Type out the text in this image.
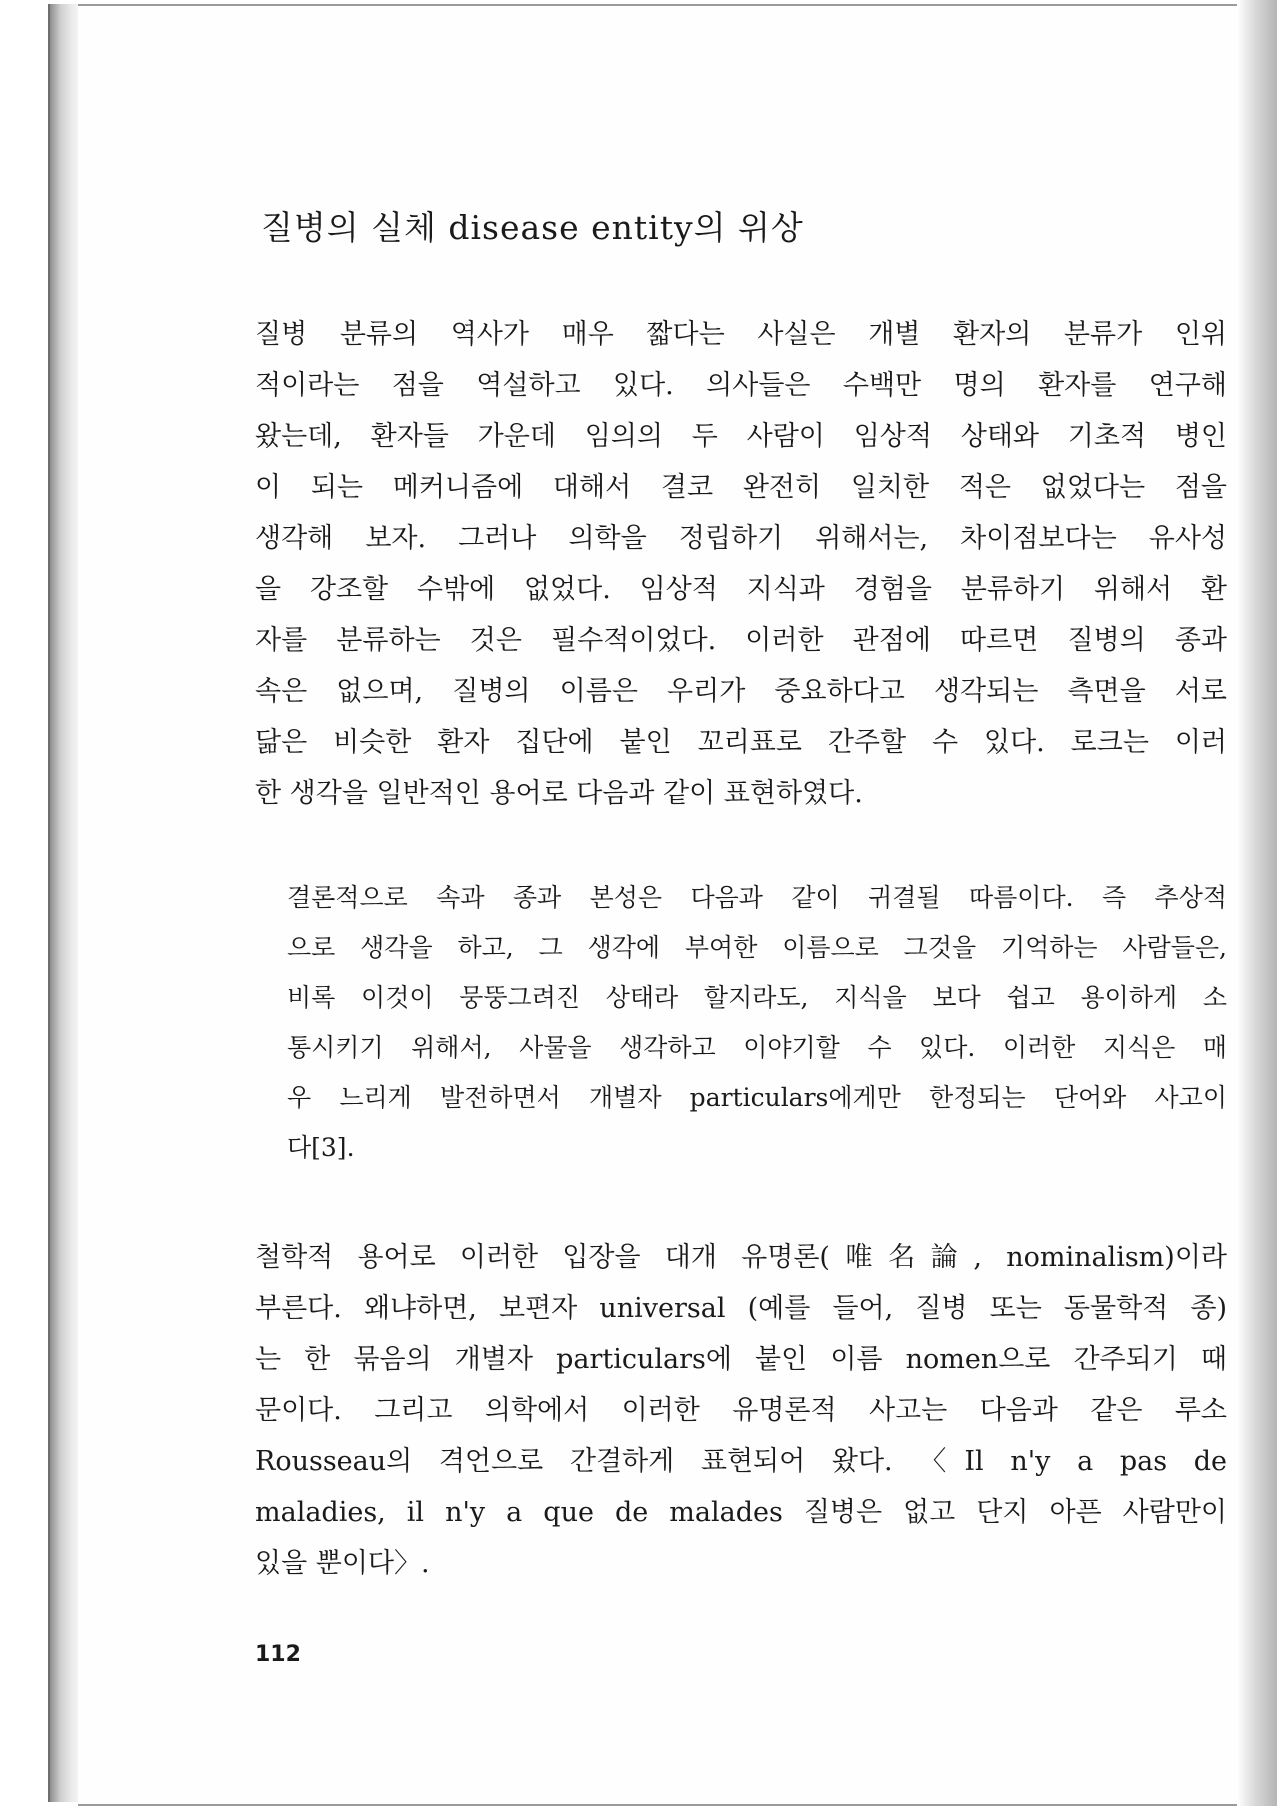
질병의 실체 disease entity의 위상
질병 분류의 역사가 매우 짧다는 사실은 개별 환자의 분류가 인위
적이라는 점을 역설하고 있다. 의사들은 수백만 명의 환자를 연구해
왔는데, 환자들 가운데 임의의 두 사람이 임상적 상태와 기초적 병인
이 되는 메커니즘에 대해서 결코 완전히 일치한 적은 없었다는 점을
생각해 보자. 그러나 의학을 정립하기 위해서는, 차이점보다는 유사성
을 강조할 수밖에 없었다. 임상적 지식과 경험을 분류하기 위해서 환
자를 분류하는 것은 필수적이었다. 이러한 관점에 따르면 질병의 종과
속은 없으며, 질병의 이름은 우리가 중요하다고 생각되는 측면을 서로
닮은 비슷한 환자 집단에 붙인 꼬리표로 간주할 수 있다. 로크는 이러
한 생각을 일반적인 용어로 다음과 같이 표현하였다.
결론적으로 속과 종과 본성은 다음과 같이 귀결될 따름이다. 즉 추상적
으로 생각을 하고, 그 생각에 부여한 이름으로 그것을 기억하는 사람들은,
비록 이것이 뭉뚱그려진 상태라 할지라도, 지식을 보다 쉽고 용이하게 소
통시키기 위해서, 사물을 생각하고 이야기할 수 있다. 이러한 지식은 매
우 느리게 발전하면서 개별자 particulars에게만 한정되는 단어와 사고이
다[3].
철학적 용어로 이러한 입장을 대개 유명론(唯名論, nominalism)이라
부른다. 왜냐하면, 보편자 universal (예를 들어, 질병 또는 동물학적 종)
는 한 묶음의 개별자 particulars에 붙인 이름 nomen으로 간주되기 때
문이다. 그리고 의학에서 이러한 유명론적 사고는 다음과 같은 루소
Rousseau의 격언으로 간결하게 표현되어 왔다. 〈Il n'y a pas de
maladies, il n'y a que de malades 질병은 없고 단지 아픈 사람만이
있을 뿐이다〉.
112
